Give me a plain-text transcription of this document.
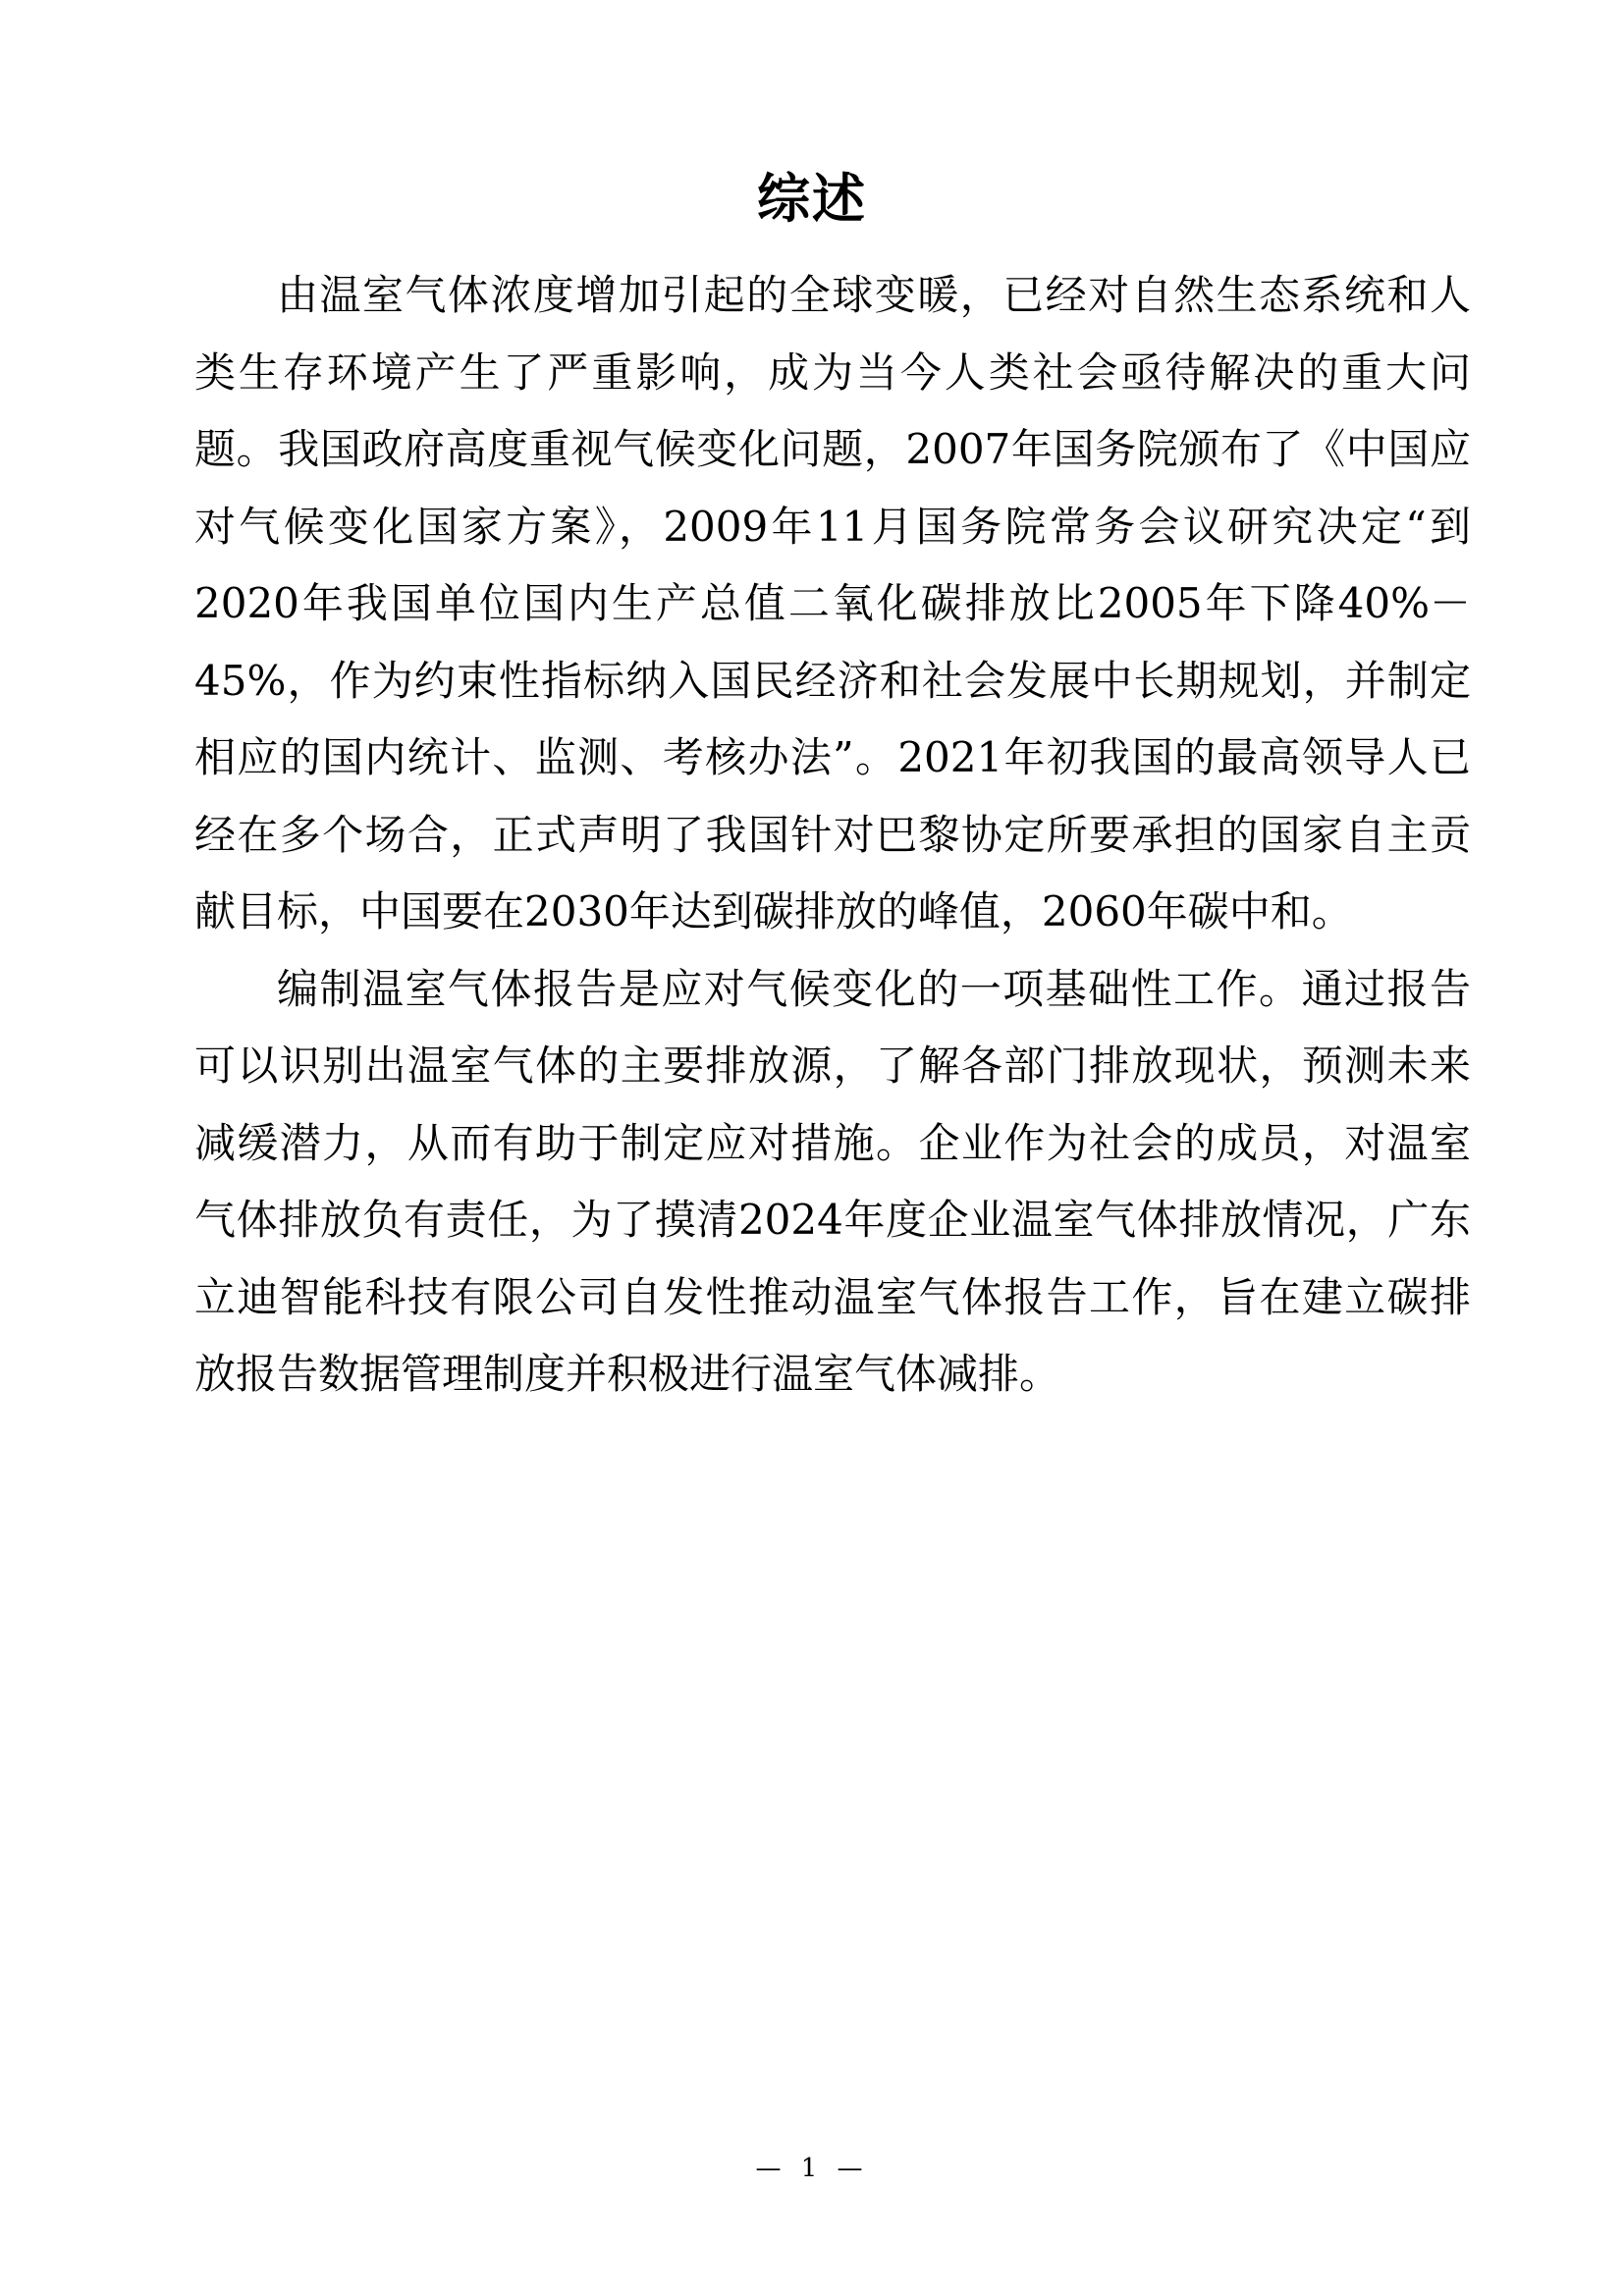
综述

由温室气体浓度增加引起的全球变暖，已经对自然生态系统和人类生存环境产生了严重影响，成为当今人类社会亟待解决的重大问题。我国政府高度重视气候变化问题，2007年国务院颁布了《中国应对气候变化国家方案》，2009年11月国务院常务会议研究决定“到2020年我国单位国内生产总值二氧化碳排放比2005年下降40%－45%，作为约束性指标纳入国民经济和社会发展中长期规划，并制定相应的国内统计、监测、考核办法”。2021年初我国的最高领导人已经在多个场合，正式声明了我国针对巴黎协定所要承担的国家自主贡献目标，中国要在2030年达到碳排放的峰值，2060年碳中和。

编制温室气体报告是应对气候变化的一项基础性工作。通过报告可以识别出温室气体的主要排放源，了解各部门排放现状，预测未来减缓潜力，从而有助于制定应对措施。企业作为社会的成员，对温室气体排放负有责任，为了摸清2024年度企业温室气体排放情况，广东立迪智能科技有限公司自发性推动温室气体报告工作，旨在建立碳排放报告数据管理制度并积极进行温室气体减排。

— 1 —
